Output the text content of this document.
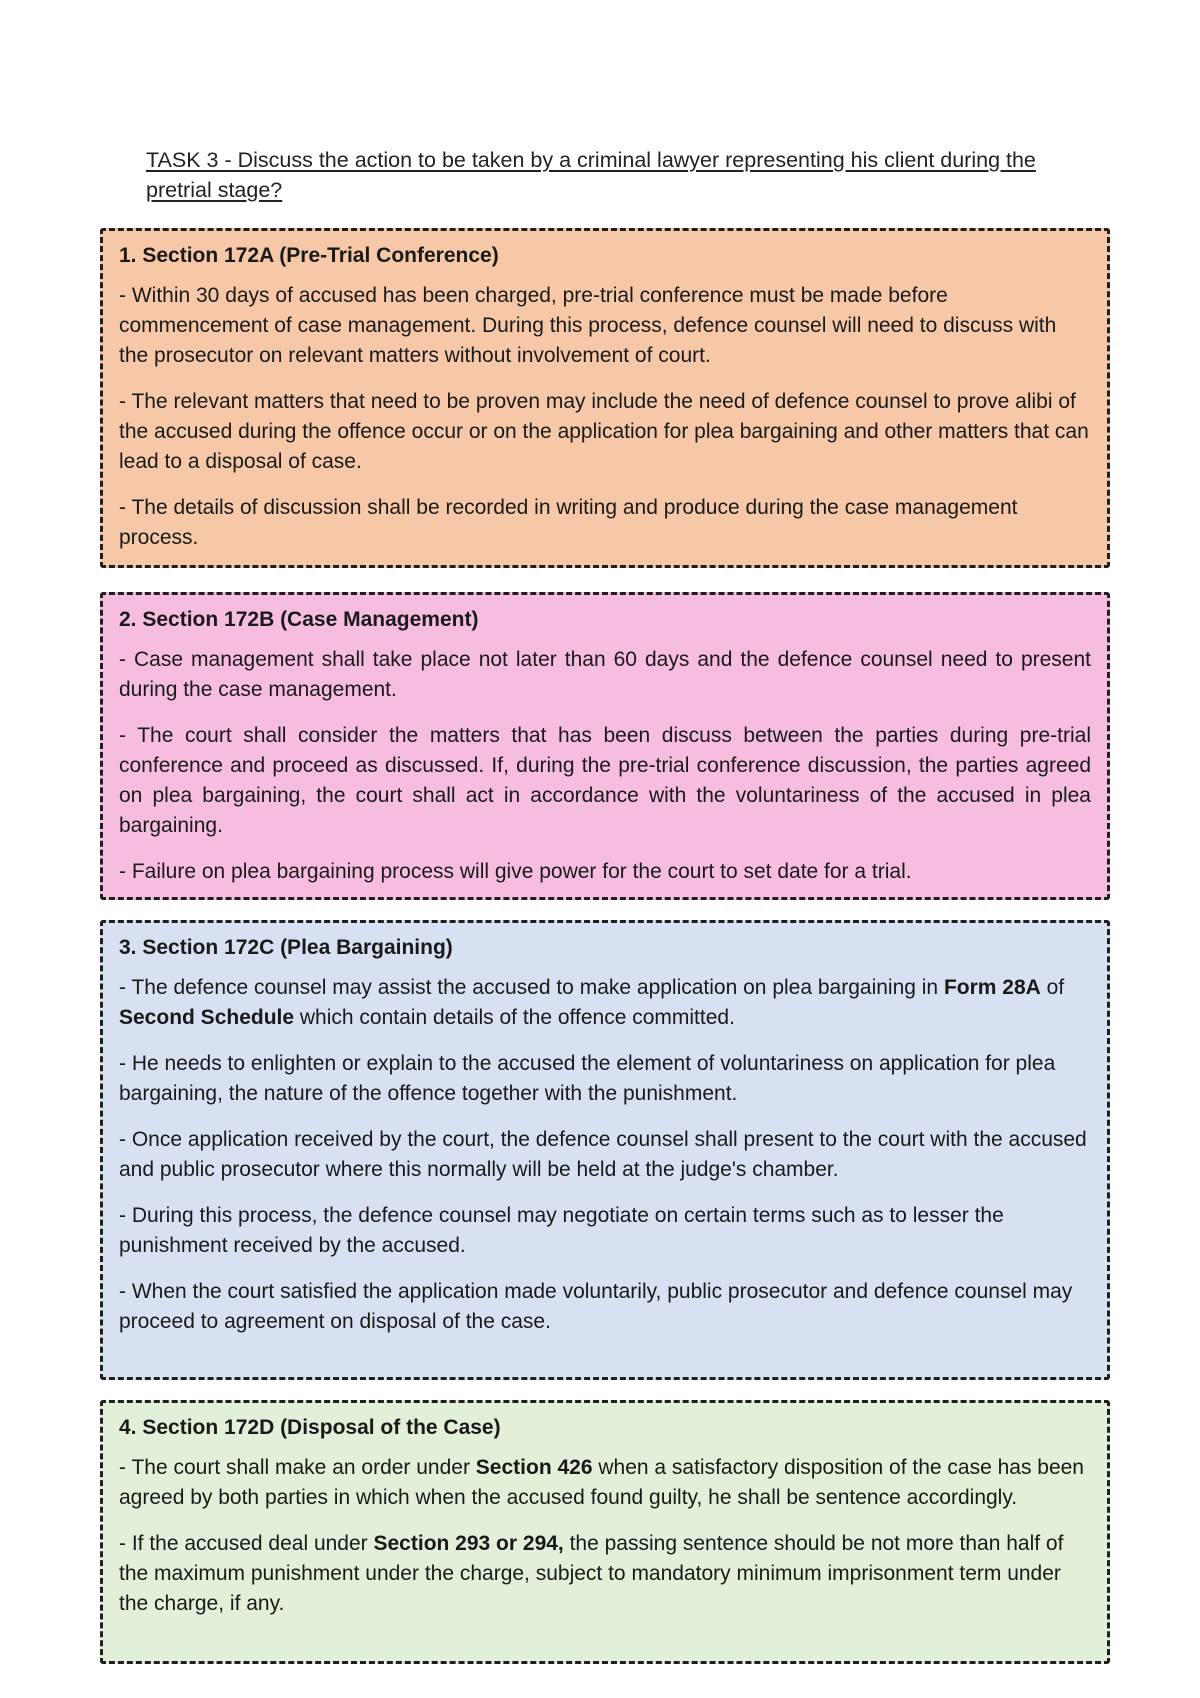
TASK 3 - Discuss the action to be taken by a criminal lawyer representing his client during the pretrial stage?
1. Section 172A (Pre-Trial Conference)

- Within 30 days of accused has been charged, pre-trial conference must be made before commencement of case management. During this process, defence counsel will need to discuss with the prosecutor on relevant matters without involvement of court.

- The relevant matters that need to be proven may include the need of defence counsel to prove alibi of the accused during the offence occur or on the application for plea bargaining and other matters that can lead to a disposal of case.

- The details of discussion shall be recorded in writing and produce during the case management process.

2. Section 172B (Case Management)

- Case management shall take place not later than 60 days and the defence counsel need to present during the case management.

- The court shall consider the matters that has been discuss between the parties during pre-trial conference and proceed as discussed. If, during the pre-trial conference discussion, the parties agreed on plea bargaining, the court shall act in accordance with the voluntariness of the accused in plea bargaining.

- Failure on plea bargaining process will give power for the court to set date for a trial.

3. Section 172C (Plea Bargaining)

- The defence counsel may assist the accused to make application on plea bargaining in Form 28A of Second Schedule which contain details of the offence committed.

- He needs to enlighten or explain to the accused the element of voluntariness on application for plea bargaining, the nature of the offence together with the punishment.

- Once application received by the court, the defence counsel shall present to the court with the accused and public prosecutor where this normally will be held at the judge's chamber.

- During this process, the defence counsel may negotiate on certain terms such as to lesser the punishment received by the accused.

- When the court satisfied the application made voluntarily, public prosecutor and defence counsel may proceed to agreement on disposal of the case.

4. Section 172D (Disposal of the Case)

- The court shall make an order under Section 426 when a satisfactory disposition of the case has been agreed by both parties in which when the accused found guilty, he shall be sentence accordingly.

- If the accused deal under Section 293 or 294, the passing sentence should be not more than half of the maximum punishment under the charge, subject to mandatory minimum imprisonment term under the charge, if any.
